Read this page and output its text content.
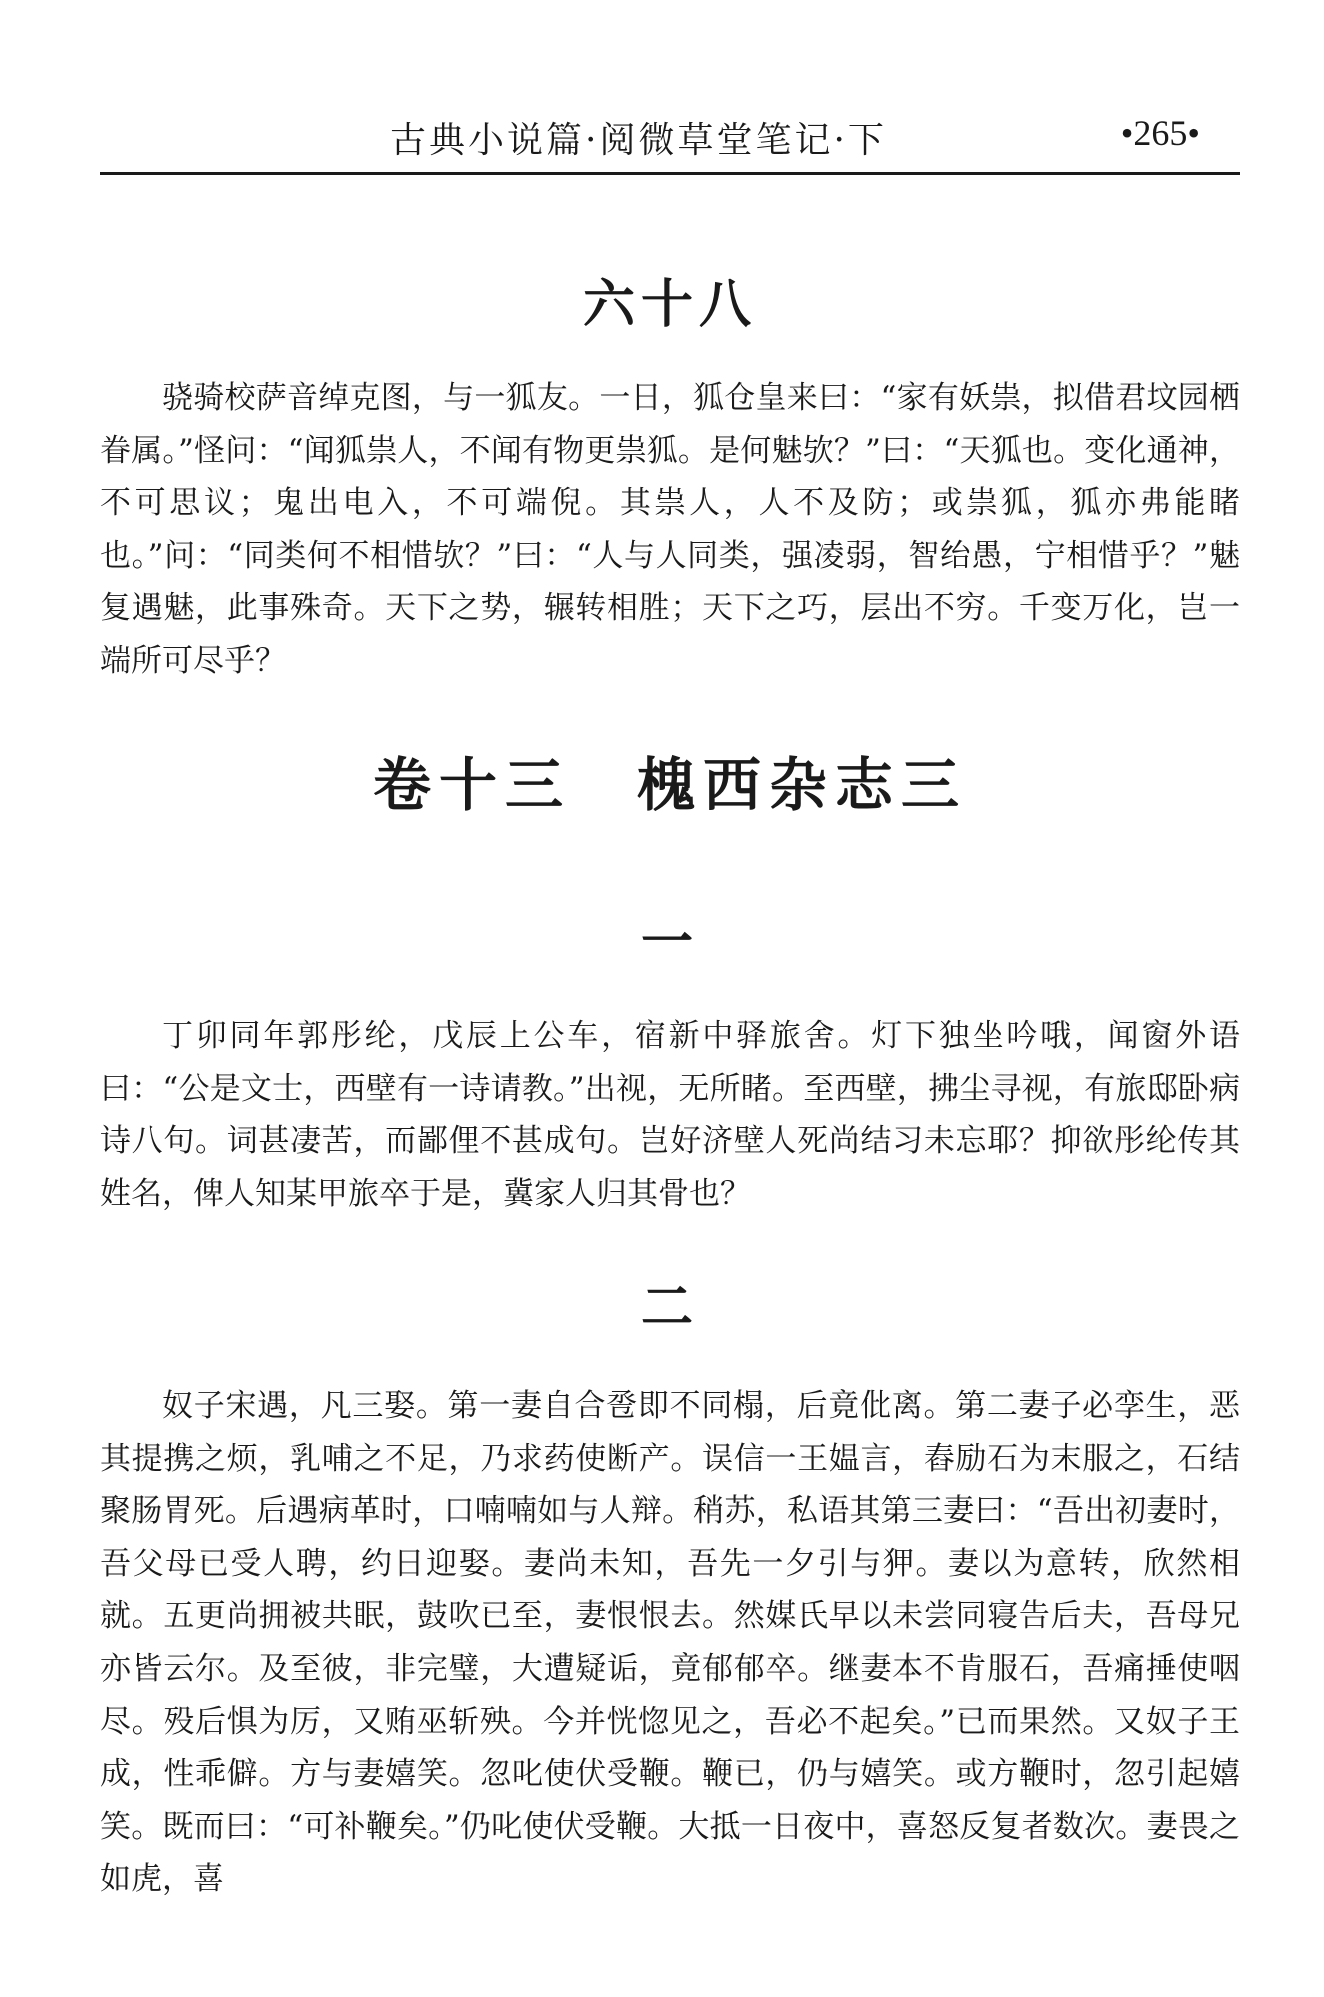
古典小说篇·阅微草堂笔记·下	•265•
六十八
骁骑校萨音绰克图，与一狐友。一日，狐仓皇来曰：“家有妖祟，拟借君坟园栖眷属。”怪问：“闻狐祟人，不闻有物更祟狐。是何魅欤？”曰：“天狐也。变化通神，不可思议；鬼出电入，不可端倪。其祟人，人不及防；或祟狐，狐亦弗能睹也。”问：“同类何不相惜欤？”曰：“人与人同类，强凌弱，智绐愚，宁相惜乎？”魅复遇魅，此事殊奇。天下之势，辗转相胜；天下之巧，层出不穷。千变万化，岂一端所可尽乎？
卷十三　槐西杂志三
一
丁卯同年郭彤纶，戊辰上公车，宿新中驿旅舍。灯下独坐吟哦，闻窗外语曰：“公是文士，西壁有一诗请教。”出视，无所睹。至西壁，拂尘寻视，有旅邸卧病诗八句。词甚凄苦，而鄙俚不甚成句。岂好济壁人死尚结习未忘耶？抑欲彤纶传其姓名，俾人知某甲旅卒于是，冀家人归其骨也？
二
奴子宋遇，凡三娶。第一妻自合卺即不同榻，后竟仳离。第二妻子必孪生，恶其提携之烦，乳哺之不足，乃求药使断产。误信一王媪言，舂励石为末服之，石结聚肠胃死。后遇病革时，口喃喃如与人辩。稍苏，私语其第三妻曰：“吾出初妻时，吾父母已受人聘，约日迎娶。妻尚未知，吾先一夕引与狎。妻以为意转，欣然相就。五更尚拥被共眠，鼓吹已至，妻恨恨去。然媒氏早以未尝同寝告后夫，吾母兄亦皆云尔。及至彼，非完璧，大遭疑诟，竟郁郁卒。继妻本不肯服石，吾痛捶使咽尽。殁后惧为厉，又贿巫斩殃。今并恍惚见之，吾必不起矣。”已而果然。又奴子王成，性乖僻。方与妻嬉笑。忽叱使伏受鞭。鞭已，仍与嬉笑。或方鞭时，忽引起嬉笑。既而曰：“可补鞭矣。”仍叱使伏受鞭。大抵一日夜中，喜怒反复者数次。妻畏之如虎，喜
